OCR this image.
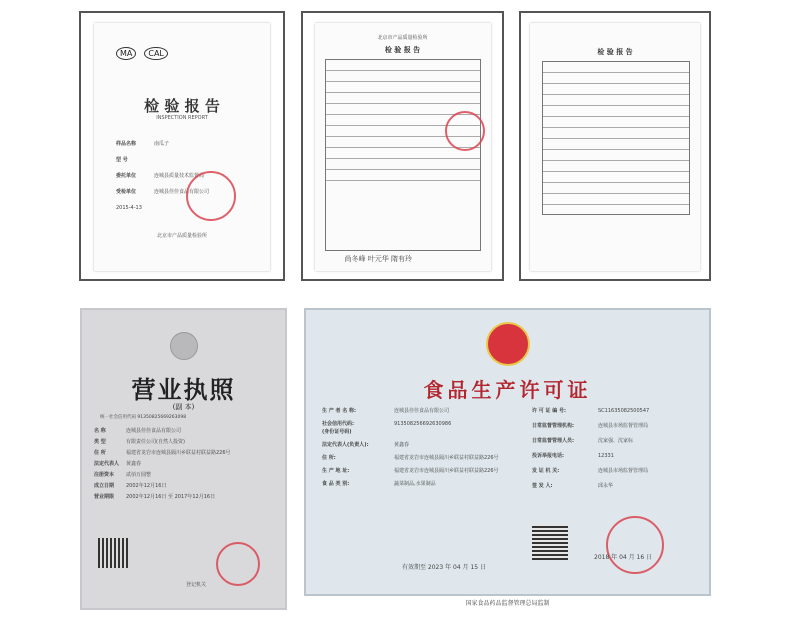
MA	CAL
检 验 报 告
INSPECTION REPORT
样品名称	南瓜子
型 号
委托单位	连城县质量技术监督局
受检单位	连城县佳佳食品有限公司
2015-4-13
北京市产品质量检验所
北京市产品质量检验所
检 验 报 告
尚冬峰 叶元华 隋有玲
检 验 报 告
营业执照
(副 本)
统一社会信用代码 91350825669263098
名 称	连城县佳佳食品有限公司
类 型	有限责任公司(自然人投资)
住 所	福建省龙岩市连城县隔川乡联益村联益路226号
法定代表人	黄鑫春
注册资本	贰佰万圆整
成立日期	2002年12月16日
营业期限	2002年12月16日 至 2017年12月16日
登记机关
食品生产许可证
生 产 者 名 称:	连城县佳佳食品有限公司
社会信用代码:	913508256692630986
(身份证号码)
法定代表人(负责人):	黄鑫春
住 所:	福建省龙岩市连城县隔川乡联益村联益路226号
生 产 地 址:	福建省龙岩市连城县隔川乡联益村联益路226号
食 品 类 别:	蔬菜制品,水果制品
许 可 证 编 号:	SC11635082500547
日常监督管理机构:	连城县市场监督管理局
日常监督管理人员:	沈家强、沈家标
投诉举报电话:	12331
发 证 机 关:	连城县市场监督管理局
签 发 人:	邱永华
有效期至 2023 年 04 月 15 日
2018 年 04 月 16 日
国家食品药品监督管理总局监制
